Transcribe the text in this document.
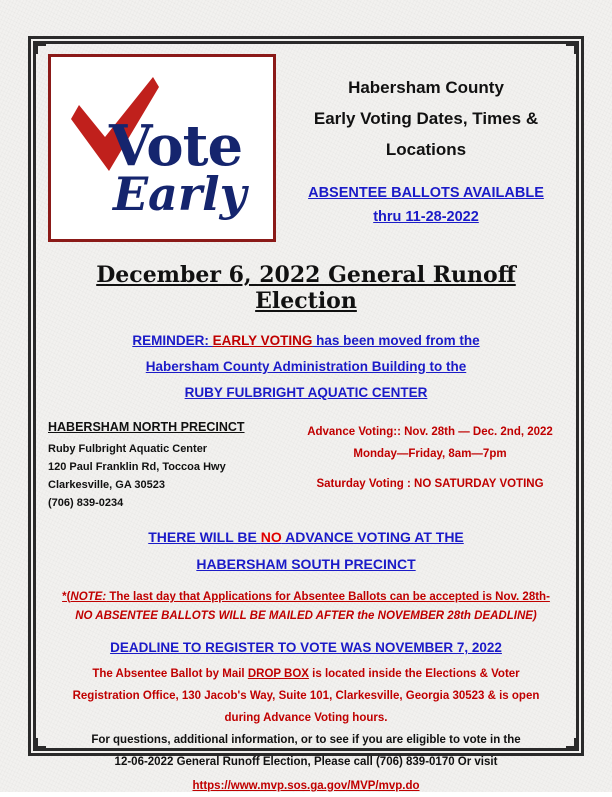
Vote
Early
Habersham County
Early Voting Dates, Times &
Locations
ABSENTEE BALLOTS AVAILABLE
thru 11-28-2022
December 6, 2022 General Runoff Election
REMINDER: EARLY VOTING has been moved from the
Habersham County Administration Building to the
RUBY FULBRIGHT AQUATIC CENTER
HABERSHAM NORTH PRECINCT
Ruby Fulbright Aquatic Center
120 Paul Franklin Rd, Toccoa Hwy
Clarkesville, GA 30523
(706) 839-0234
Advance Voting:: Nov. 28th — Dec. 2nd, 2022
Monday—Friday, 8am—7pm
Saturday Voting : NO SATURDAY VOTING
THERE WILL BE NO ADVANCE VOTING AT THE
HABERSHAM SOUTH PRECINCT
*(NOTE: The last day that Applications for Absentee Ballots can be accepted is Nov. 28th-
NO ABSENTEE BALLOTS WILL BE MAILED AFTER the NOVEMBER 28th DEADLINE)
DEADLINE TO REGISTER TO VOTE WAS NOVEMBER 7, 2022
The Absentee Ballot by Mail DROP BOX is located inside the Elections & Voter
Registration Office, 130 Jacob's Way, Suite 101, Clarkesville, Georgia 30523 & is open
during Advance Voting hours.
For questions, additional information, or to see if you are eligible to vote in the
12-06-2022 General Runoff Election, Please call (706) 839-0170 Or visit
https://www.mvp.sos.ga.gov/MVP/mvp.do
